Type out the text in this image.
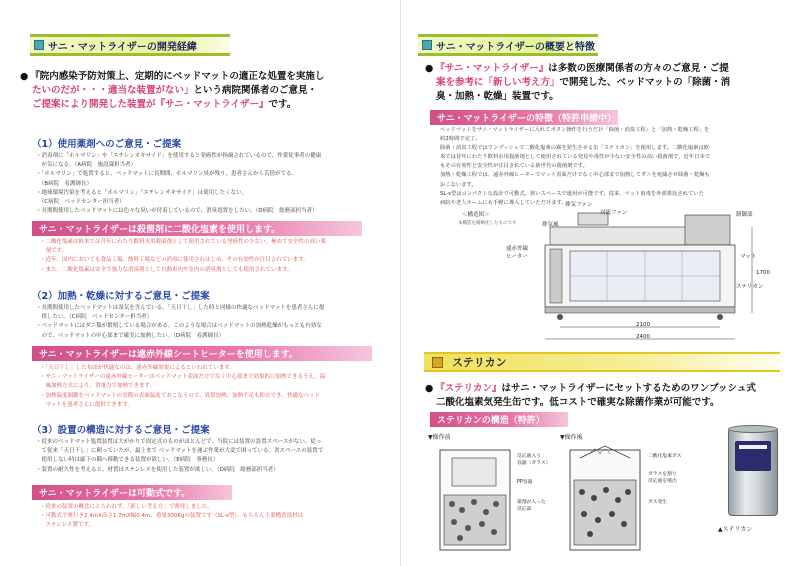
サニ・マットライザーの開発経緯
● 『院内感染予防対策上、定期的にベッドマットの適正な処置を実施し
たいのだが・・・適当な装置がない」という病院関係者のご意見・
ご提案により開発した装置が『サニ・マットライザー』です。
（1）使用薬剤へのご意見・ご提案

・消毒剤に「ホルマリン」や「エチレンオキサイド」を使用すると発癌性が指摘されているので、作業従事者の健康

　が気になる。（A病院　施設課担当者）

・「ホルマリン」で処置すると、ベッドマットに長期間、ホルマリン臭が残り、患者さんから苦情がでる。

　（B病院　看護師長）

・地球環境汚染を考えると「ホルマリン」「エチレンオキサイド」は使用したくない。

　（C病院　ベッドセンター担当者）

・長期間使用したベッドマットには色々な臭いが付着しているので、消臭処置をしたい。（D病院　総務部担当者）

サニ・マットライザーは殺菌剤に二酸化塩素を使用します。

・二酸化塩素は欧米では昔年にわたり飲料水用殺菌剤として使用されている発癌性の少ない、極めて安全性の高い薬

　剤です。

・近年、国内においても食品工場、飲料工場などの消毒に使用されはじめ、その有効性が注目されています。

・また、二酸化塩素は安全で強力な消臭剤として自動車内や室内の消臭剤としても使用されています。

（2）加熱・乾燥に対するご意見・ご提案

・長期間使用したベッドマットは湿気を含んでいる。「天日干し」した時と同様の快適なベッドマットを患者さんに提

　供したい。（C病院　ベッドセンター担当者）

・ベッドマットにはダニ類が繁殖している場合がある。このような場合はベッドマットの加熱乾燥がもっとも有効な

　ので、ベッドマットの中心部まで確実に加熱したい。（D病院　看護師長）

サニ・マットライザーは遠赤外線シートヒーターを使用します。

・「天日干し」した布団が快適なのは、遠赤外線効果によるといわれています。

・サニ・マットライザーの遠赤外線ヒーターはベッドマット表面だけでなく中心部まで効果的に加熱できるうえ、温

　風加熱方式により、省電力で加熱できます。

・加熱温度制御をベッドマットの実際の表面温度でおこなうので、異常加熱、加熱不足も防止でき、快適なベッド

　マットを患者さんに提供できます。

（3）設置の構造に対するご意見・ご提案

・従来のベッドマット処置装置は大がかりで固定式のものがほとんどで、当院には装置の設置スペースがない。従っ

　て従来「天日干し」に頼っていたが、最上まで ベッドマットを運ぶ作業が大変で困っている。省スペースの装置で

　使用しない時は廊下の隅へ移動できる装置が欲しい。（E病院　事務長）

・装置の耐久性を考えると、材質はステンレスを使用した装置が欲しい。（D病院　総務部担当者）

サニ・マットライザーは可動式です。

・従来の装置の概念にとらわれず、「新しい考え方」で開発しました。

・可動式で奥行き2.4mX高さ1.7mX幅0.4m、重量300Kgの装置です（SL-s型）。もちろん主要構造部材は

　ステンレス製です。

サニ・マットライザーの概要と特徴
● 『サニ・マットライザー』は多数の医療関係者の方々のご意見・ご提
案を参考に「新しい考え方」で開発した、ベッドマットの「除菌・消
臭・加熱・乾燥」装置です。
サニ・マットライザーの特徴（特許申請中）

ベッドマットをサニ・マットライザーに入れてボタン操作を行うだけ「除菌・消臭工程」と「加熱・乾燥工程」を

約2時間で完了。

除菌・消臭工程ではワンプッシュで二酸化塩素の霧を発生させる缶「ステリカン」を使用します。二酸化塩素は欧

米では昔年にわたり飲料水用殺菌剤として使用されている発見や毒性が少ない安全性の高い殺菌剤で、近年日本で

もその有効性と安全性が注目されている新世代の殺菌剤です。

加熱・乾燥工程では、遠赤外線ヒーターでマット表面だけでなく中心部まで加熱してダニを死滅させ除菌・乾燥も

おこないます。

SL-s型はコンパクトな設計で可動式。狭いスペースで運用が可能です。従来、マット消毒を外部委託されていた

病院や老人ホームにも手軽に導入していただけます。

＜構造図＞
本構造を簡略化したものです
排気ファン
対流ファン
排気風
制御部
遠赤外線
ヒーター	マット
1700
ステリカン
2100
2400
ステリカン
● 『ステリカン』はサニ・マットライザーにセットするためのワンプッシュ式
二酸化塩素気発生缶です。低コストで確実な除菌作業が可能です。
ステリカンの構造（特許）
▼操作前	▼操作後
反応液入り
容器（ガラス）
PP容器
薬剤が入った
反応部
二酸化塩素ガス
ガラスを割り
反応液を噴出
ガス発生
▲ステリカン
